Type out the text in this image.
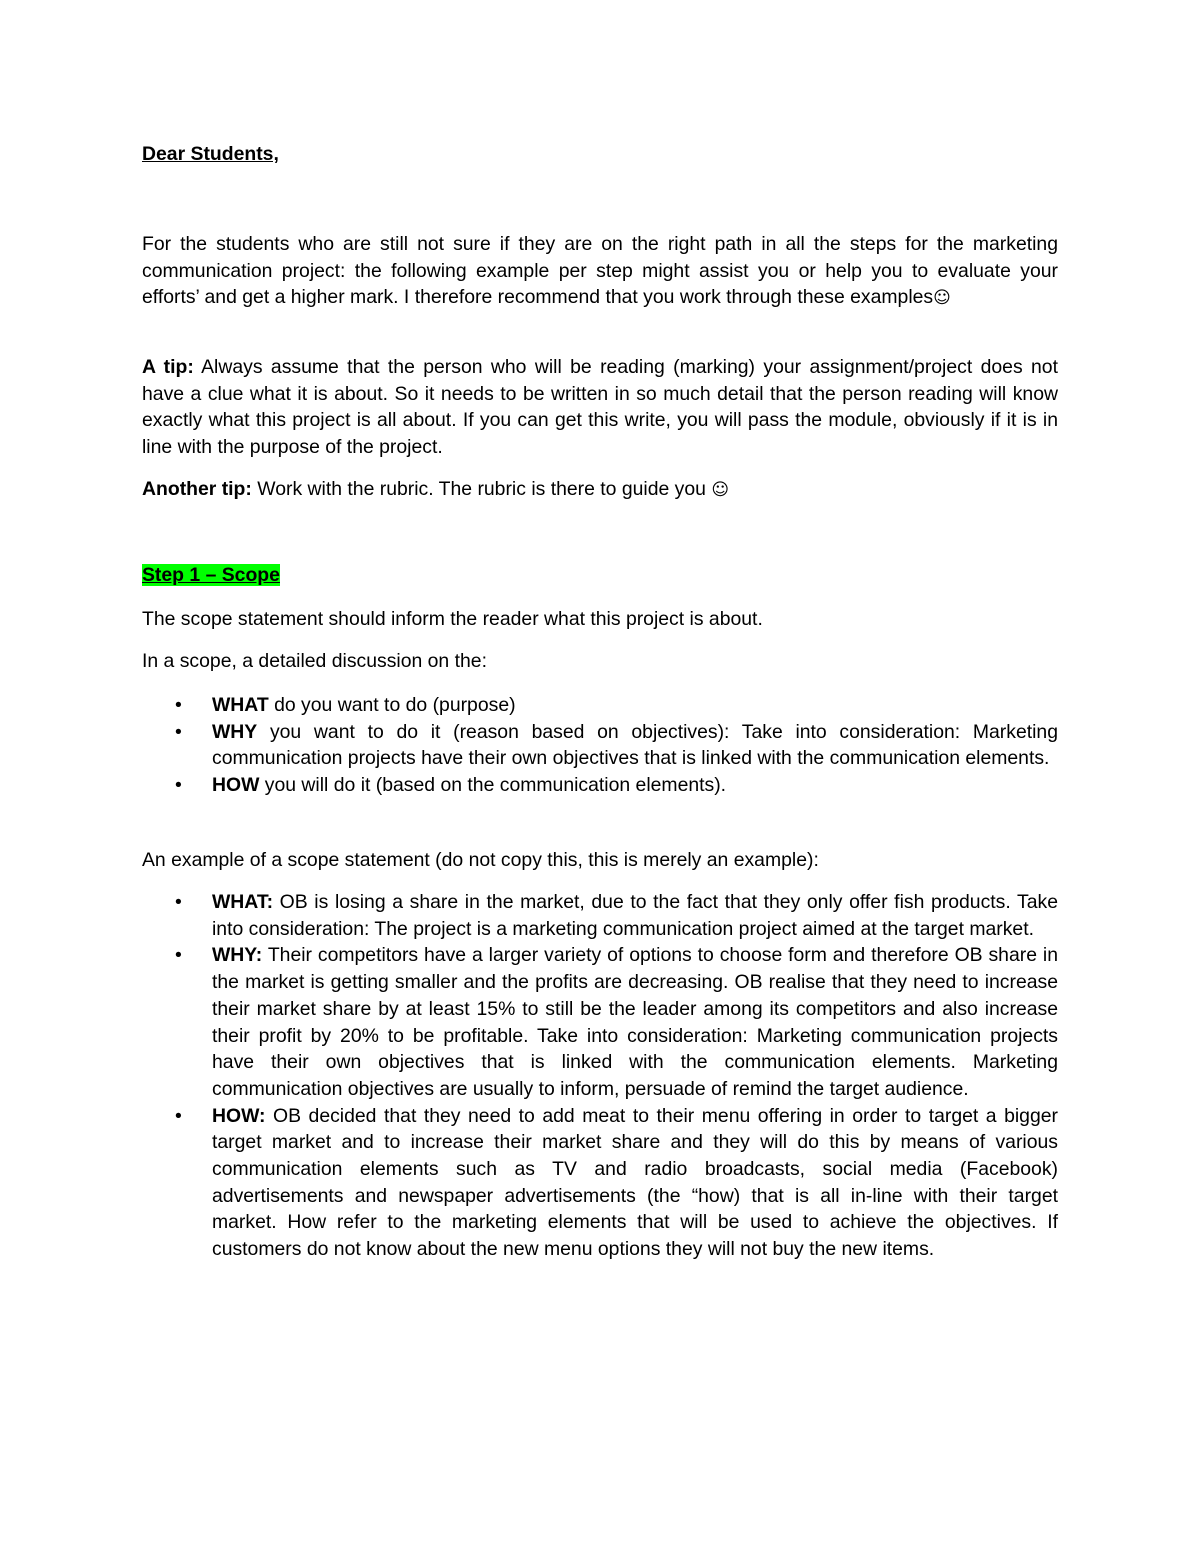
Dear Students,
For the students who are still not sure if they are on the right path in all the steps for the marketing communication project: the following example per step might assist you or help you to evaluate your efforts’ and get a higher mark. I therefore recommend that you work through these examples☺
A tip: Always assume that the person who will be reading (marking) your assignment/project does not have a clue what it is about. So it needs to be written in so much detail that the person reading will know exactly what this project is all about. If you can get this write, you will pass the module, obviously if it is in line with the purpose of the project.
Another tip: Work with the rubric. The rubric is there to guide you ☺
Step 1 – Scope
The scope statement should inform the reader what this project is about.
In a scope, a detailed discussion on the:
• WHAT do you want to do (purpose)
• WHY you want to do it (reason based on objectives): Take into consideration: Marketing communication projects have their own objectives that is linked with the communication elements.
• HOW you will do it (based on the communication elements).
An example of a scope statement (do not copy this, this is merely an example):
• WHAT: OB is losing a share in the market, due to the fact that they only offer fish products. Take into consideration: The project is a marketing communication project aimed at the target market.
• WHY: Their competitors have a larger variety of options to choose form and therefore OB share in the market is getting smaller and the profits are decreasing. OB realise that they need to increase their market share by at least 15% to still be the leader among its competitors and also increase their profit by 20% to be profitable. Take into consideration: Marketing communication projects have their own objectives that is linked with the communication elements. Marketing communication objectives are usually to inform, persuade of remind the target audience.
• HOW: OB decided that they need to add meat to their menu offering in order to target a bigger target market and to increase their market share and they will do this by means of various communication elements such as TV and radio broadcasts, social media (Facebook) advertisements and newspaper advertisements (the “how) that is all in-line with their target market. How refer to the marketing elements that will be used to achieve the objectives. If customers do not know about the new menu options they will not buy the new items.
